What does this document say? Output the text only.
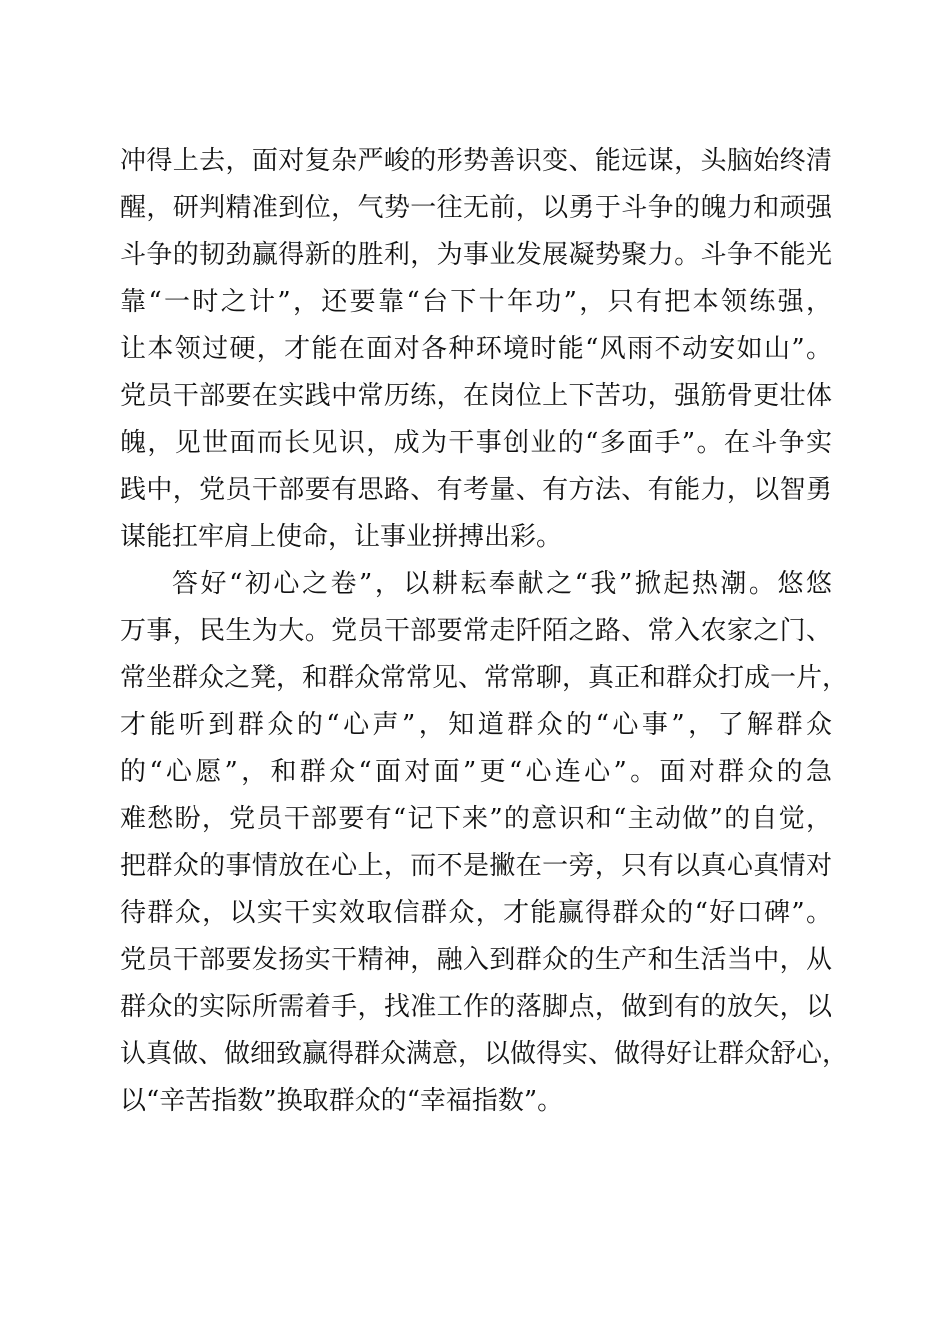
冲得上去，面对复杂严峻的形势善识变、能远谋，头脑始终清
醒，研判精准到位，气势一往无前，以勇于斗争的魄力和顽强
斗争的韧劲赢得新的胜利，为事业发展凝势聚力。斗争不能光
靠“一时之计”，还要靠“台下十年功”，只有把本领练强，
让本领过硬，才能在面对各种环境时能“风雨不动安如山”。
党员干部要在实践中常历练，在岗位上下苦功，强筋骨更壮体
魄，见世面而长见识，成为干事创业的“多面手”。在斗争实
践中，党员干部要有思路、有考量、有方法、有能力，以智勇
谋能扛牢肩上使命，让事业拼搏出彩。
答好“初心之卷”，以耕耘奉献之“我”掀起热潮。悠悠
万事，民生为大。党员干部要常走阡陌之路、常入农家之门、
常坐群众之凳，和群众常常见、常常聊，真正和群众打成一片，
才能听到群众的“心声”，知道群众的“心事”，了解群众
的“心愿”，和群众“面对面”更“心连心”。面对群众的急
难愁盼，党员干部要有“记下来”的意识和“主动做”的自觉，
把群众的事情放在心上，而不是撇在一旁，只有以真心真情对
待群众，以实干实效取信群众，才能赢得群众的“好口碑”。
党员干部要发扬实干精神，融入到群众的生产和生活当中，从
群众的实际所需着手，找准工作的落脚点，做到有的放矢，以
认真做、做细致赢得群众满意，以做得实、做得好让群众舒心，
以“辛苦指数”换取群众的“幸福指数”。
